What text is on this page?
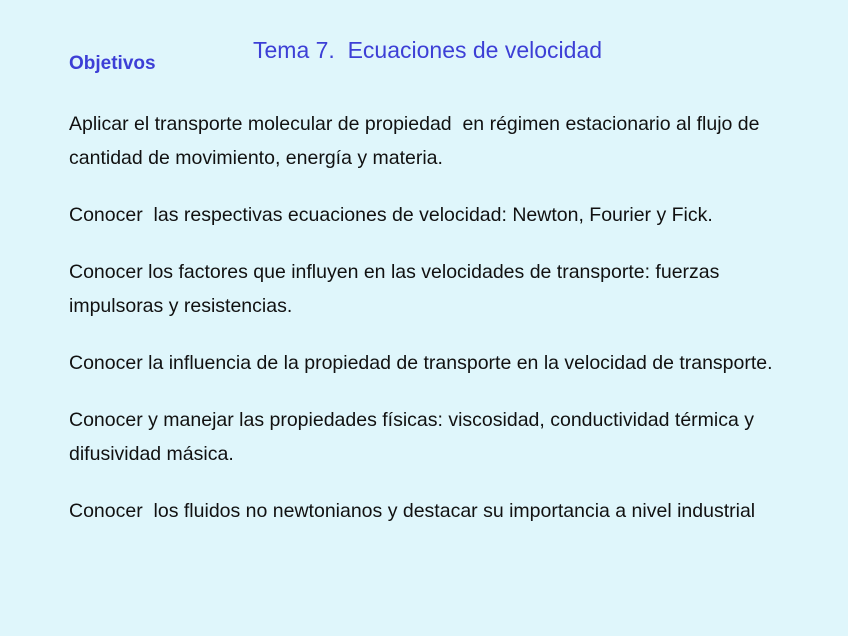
Tema 7.  Ecuaciones de velocidad
Objetivos
Aplicar el transporte molecular de propiedad  en régimen estacionario al flujo de cantidad de movimiento, energía y materia.
Conocer  las respectivas ecuaciones de velocidad: Newton, Fourier y Fick.
Conocer los factores que influyen en las velocidades de transporte: fuerzas impulsoras y resistencias.
Conocer la influencia de la propiedad de transporte en la velocidad de transporte.
Conocer y manejar las propiedades físicas: viscosidad, conductividad térmica y difusividad másica.
Conocer  los fluidos no newtonianos y destacar su importancia a nivel industrial
